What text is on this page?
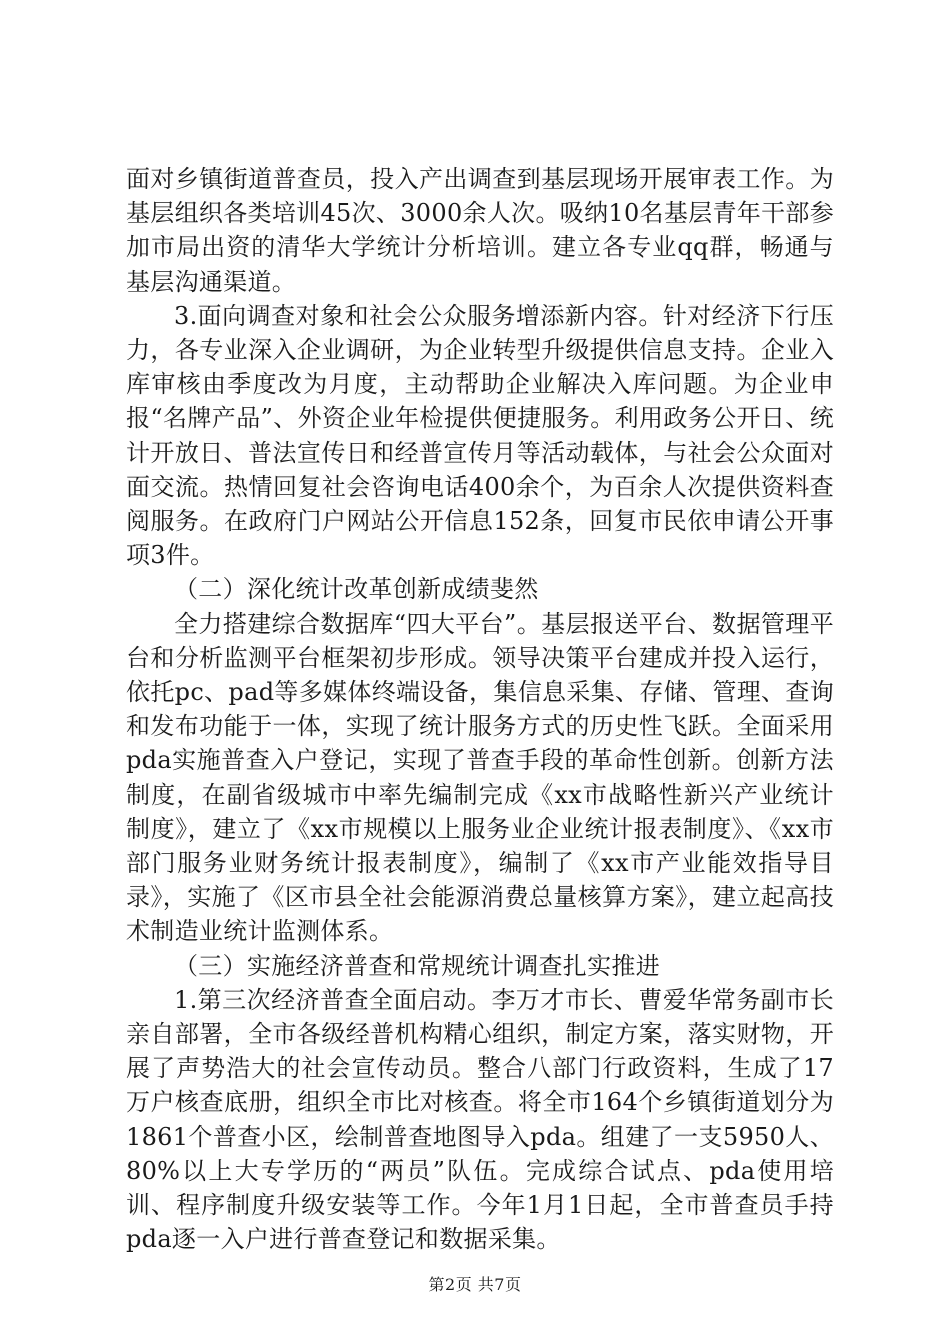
面对乡镇街道普查员，投入产出调查到基层现场开展审表工作。为基层组织各类培训45次、3000余人次。吸纳10名基层青年干部参加市局出资的清华大学统计分析培训。建立各专业qq群，畅通与基层沟通渠道。

3.面向调查对象和社会公众服务增添新内容。针对经济下行压力，各专业深入企业调研，为企业转型升级提供信息支持。企业入库审核由季度改为月度，主动帮助企业解决入库问题。为企业申报“名牌产品”、外资企业年检提供便捷服务。利用政务公开日、统计开放日、普法宣传日和经普宣传月等活动载体，与社会公众面对面交流。热情回复社会咨询电话400余个，为百余人次提供资料查阅服务。在政府门户网站公开信息152条，回复市民依申请公开事项3件。

（二）深化统计改革创新成绩斐然

全力搭建综合数据库“四大平台”。基层报送平台、数据管理平台和分析监测平台框架初步形成。领导决策平台建成并投入运行，依托pc、pad等多媒体终端设备，集信息采集、存储、管理、查询和发布功能于一体，实现了统计服务方式的历史性飞跃。全面采用pda实施普查入户登记，实现了普查手段的革命性创新。创新方法制度，在副省级城市中率先编制完成《xx市战略性新兴产业统计制度》，建立了《xx市规模以上服务业企业统计报表制度》、《xx市部门服务业财务统计报表制度》，编制了《xx市产业能效指导目录》，实施了《区市县全社会能源消费总量核算方案》，建立起高技术制造业统计监测体系。

（三）实施经济普查和常规统计调查扎实推进

1.第三次经济普查全面启动。李万才市长、曹爱华常务副市长亲自部署，全市各级经普机构精心组织，制定方案，落实财物，开展了声势浩大的社会宣传动员。整合八部门行政资料，生成了17万户核查底册，组织全市比对核查。将全市164个乡镇街道划分为1861个普查小区，绘制普查地图导入pda。组建了一支5950人、80%以上大专学历的“两员”队伍。完成综合试点、pda使用培训、程序制度升级安装等工作。今年1月1日起，全市普查员手持pda逐一入户进行普查登记和数据采集。

第2页 共7页
